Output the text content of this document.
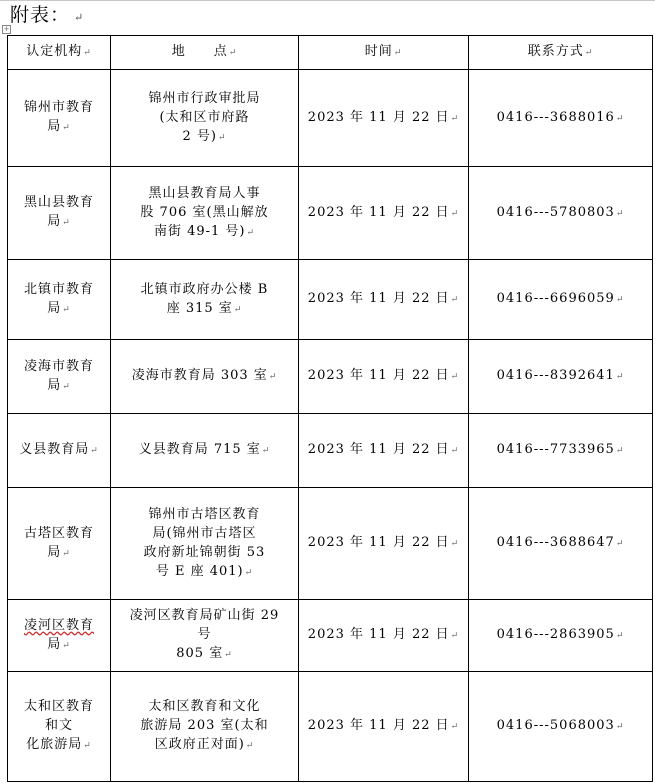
附表： ↵
+
认定机构↵	地　　点↵	时间↵	联系方式↵

锦州市教育
局↵	锦州市行政审批局
(太和区市府路
2 号)↵	2023 年 11 月 22 日↵	0416---3688016↵

黑山县教育
局↵	黑山县教育局人事
股 706 室(黑山解放
南街 49-1 号)↵	2023 年 11 月 22 日↵	0416---5780803↵

北镇市教育
局↵	北镇市政府办公楼 B
座 315 室↵	2023 年 11 月 22 日↵	0416---6696059↵

凌海市教育
局↵	凌海市教育局 303 室↵	2023 年 11 月 22 日↵	0416---8392641↵

义县教育局↵	义县教育局 715 室↵	2023 年 11 月 22 日↵	0416---7733965↵

古塔区教育
局↵	锦州市古塔区教育
局(锦州市古塔区
政府新址锦朝街 53
号 E 座 401)↵	2023 年 11 月 22 日↵	0416---3688647↵

凌河区教育
局↵	凌河区教育局矿山街 29
号
805 室↵	2023 年 11 月 22 日↵	0416---2863905↵

太和区教育
和文
化旅游局↵	太和区教育和文化
旅游局 203 室(太和
区政府正对面)↵	2023 年 11 月 22 日↵	0416---5068003↵
